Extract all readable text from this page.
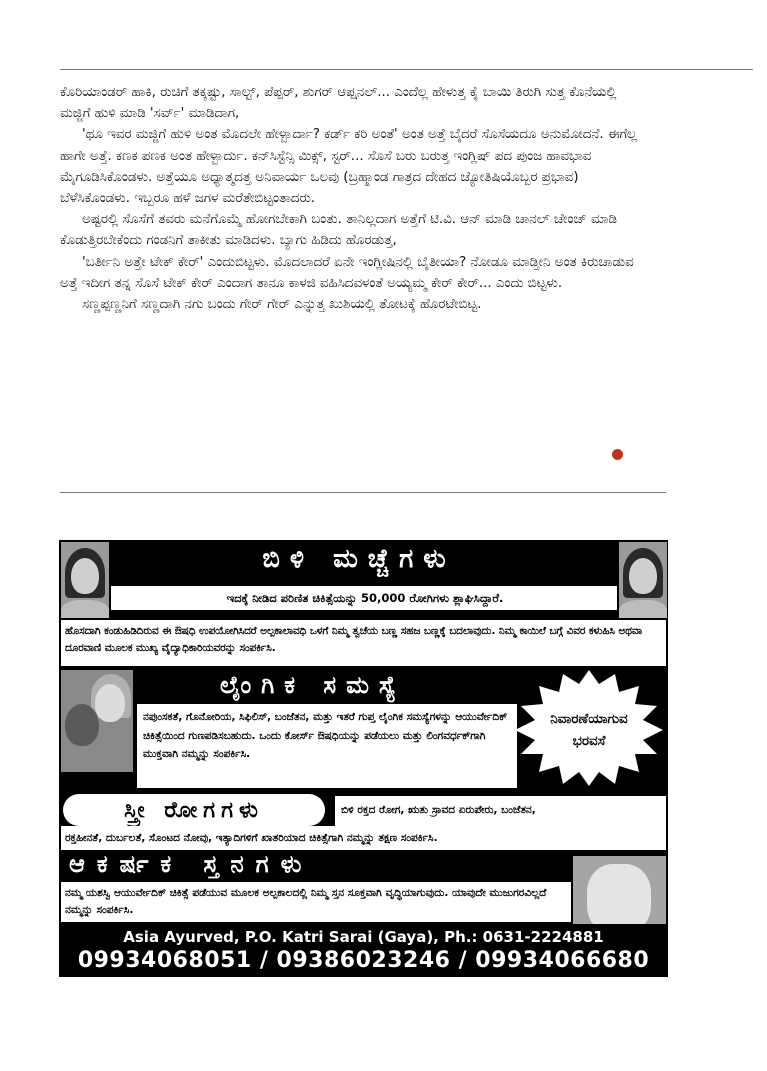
ಕೊರಿಯಾಂಡರ್ ಹಾಕಿ, ರುಚಿಗೆ ತಕ್ಕಷ್ಟು, ಸಾಲ್ಟ್, ಪೆಪ್ಪರ್, ಶುಗರ್ ಆಪ್ಷನಲ್... ಎಂದೆಲ್ಲ ಹೇಳುತ್ತ ಕೈ ಬಾಯಿ ತಿರುಗಿ ಸುತ್ತ ಕೊನೆಯಲ್ಲಿ ಮಜ್ಜಿಗೆ ಹುಳಿ ಮಾಡಿ 'ಸರ್ವ್' ಮಾಡಿದಾಗ,

'ಥೂ ಇವರ ಮಜ್ಜಿಗೆ ಹುಳಿ ಅಂತ ಮೊದಲೇ ಹೇಳ್ಬಾರ್ದಾ? ಕರ್ಡ್ ಕರಿ ಅಂತೆ' ಅಂತ ಅತ್ತೆ ಬೈದರೆ ಸೊಸೆಯದೂ ಅನುಮೋದನೆ. ಈಗೆಲ್ಲ ಹಾಗೇ ಅತ್ತೆ. ಕಣಕ ಪಣಕ ಅಂತ ಹೇಳ್ಬಾರ್ದು. ಕನ್‌ಸಿಸ್ಟೆನ್ಸಿ ಮಿಕ್ಸ್, ಸ್ಟರ್... ಸೊಸೆ ಬರು ಬರುತ್ತ ಇಂಗ್ಲಿಷ್ ಪದ ಪುಂಜ ಹಾವಭಾವ ಮೈಗೂಡಿಸಿಕೊಂಡಳು. ಅತ್ತೆಯೂ ಅಧ್ಯಾತ್ಮದತ್ತ ಅನಿವಾರ್ಯ ಒಲವು (ಬ್ರಹ್ಮಾಂಡ ಗಾತ್ರದ ದೇಹದ ಜ್ಯೋತಿಷಿಯೊಬ್ಬರ ಪ್ರಭಾವ) ಬೆಳೆಸಿಕೊಂಡಳು. ಇಬ್ಬರೂ ಹಳೆ ಜಗಳ ಮರೆತೇಬಿಟ್ಟಂತಾದರು.

ಅಷ್ಟರಲ್ಲಿ ಸೊಸೆಗೆ ತವರು ಮನೆಗೊಮ್ಮೆ ಹೋಗಬೇಕಾಗಿ ಬಂತು. ತಾನಿಲ್ಲದಾಗ ಅತ್ತೆಗೆ ಟಿ.ವಿ. ಆನ್ ಮಾಡಿ ಚಾನಲ್ ಚೇಂಜ್ ಮಾಡಿ ಕೊಡುತ್ತಿರಬೇಕೆಂದು ಗಂಡನಿಗೆ ತಾಕೀತು ಮಾಡಿದಳು. ಬ್ಯಾಗು ಹಿಡಿದು ಹೊರಡುತ್ತ,

'ಬರ್ತೀನಿ ಅತ್ತೇ ಟೇಕ್ ಕೇರ್' ಎಂದುಬಿಟ್ಟಳು. ಮೊದಲಾದರೆ ಏನೇ ಇಂಗ್ಲೀಷಿನಲ್ಲಿ ಬೈತೀಯಾ? ನೋಡೂ ಮಾಡ್ತೀನಿ ಅಂತ ಕಿರುಚಾಡುವ ಅತ್ತೆ ಇದೀಗ ತನ್ನ ಸೊಸೆ ಟೇಕ್ ಕೇರ್ ಎಂದಾಗ ತಾನೂ ಕಾಳಜಿ ವಹಿಸಿದವಳಂತೆ ಅಯ್ಯಮ್ಮ ಕೇರ್ ಕೇರ್... ಎಂದು ಬಿಟ್ಟಳು.

ಸಣ್ಣಪ್ಪಣ್ಣನಿಗೆ ಸಣ್ಣದಾಗಿ ನಗು ಬಂದು ಗೇರ್ ಗೇರ್ ಎನ್ನುತ್ತ ಖುಶಿಯಲ್ಲಿ ತೋಟಕ್ಕೆ ಹೊರಟೇಬಿಟ್ಟ.

ಬಿಳಿ ಮಚ್ಚೆಗಳು
ಇದಕ್ಕೆ ನೀಡಿದ ಪರಿಣಿತ ಚಿಕಿತ್ಸೆಯನ್ನು 50,000 ರೋಗಿಗಳು ಶ್ಲಾಘಿಸಿದ್ದಾರೆ.
ಹೊಸದಾಗಿ ಕಂಡುಹಿಡಿದಿರುವ ಈ ಔಷಧಿ ಉಪಯೋಗಿಸಿದರೆ ಅಲ್ಪಕಾಲಾವಧಿ ಒಳಗೆ ನಿಮ್ಮ ತ್ವಚೆಯ ಬಣ್ಣ ಸಹಜ ಬಣ್ಣಕ್ಕೆ ಬದಲಾವುದು. ನಿಮ್ಮ ಕಾಯಿಲೆ ಬಗ್ಗೆ ವಿವರ ಕಳುಹಿಸಿ ಅಥವಾ ದೂರವಾಣಿ ಮೂಲಕ ಮುಖ್ಯ ವೈದ್ಯಾಧಿಕಾರಿಯವರನ್ನು ಸಂಪರ್ಕಿಸಿ.
ಲೈಂಗಿಕ ಸಮಸ್ಯೆ
ನಪುಂಸಕತೆ, ಗೊನೋರಿಯ, ಸಿಫಿಲಿಸ್, ಬಂಜೆತನ, ಮತ್ತು ಇತರೆ ಗುಪ್ತ ಲೈಂಗಿಕ ಸಮಸ್ಯೆಗಳನ್ನು ಆಯುರ್ವೇದಿಕ್ ಚಿಕಿತ್ಸೆಯಿಂದ ಗುಣಪಡಿಸಬಹುದು. ಒಂದು ಕೋರ್ಸ್ ಔಷಧಿಯನ್ನು ಪಡೆಯಲು ಮತ್ತು ಲಿಂಗವರ್ಧಕ್‌ಗಾಗಿ ಮುಕ್ತವಾಗಿ ನಮ್ಮನ್ನು ಸಂಪರ್ಕಿಸಿ.
ನಿವಾರಣೆಯಾಗುವ ಭರವಸೆ
ಸ್ತ್ರೀ ರೋಗಗಳು	ಬಿಳಿ ರಕ್ತದ ರೋಗ, ಋತು ಸ್ರಾವದ ಏರುಪೇರು, ಬಂಜೆತನ,
ರಕ್ತಹೀನತೆ, ದುರ್ಬಲತೆ, ಸೊಂಟದ ನೋವು, ಇತ್ಯಾದಿಗಳಿಗೆ ಖಾತರಿಯಾದ ಚಿಕಿತ್ಸೆಗಾಗಿ ನಮ್ಮನ್ನು ತಕ್ಷಣ ಸಂಪರ್ಕಿಸಿ.
ಆಕರ್ಷಕ ಸ್ತನಗಳು
ನಮ್ಮ ಯಶಸ್ವಿ ಆಯುರ್ವೇದಿಕ್ ಚಿಕಿತ್ಸೆ ಪಡೆಯುವ ಮೂಲಕ ಅಲ್ಪಕಾಲದಲ್ಲಿ ನಿಮ್ಮ ಸ್ತನ ಸೂಕ್ತವಾಗಿ ವೃದ್ಧಿಯಾಗುವುದು. ಯಾವುದೇ ಮುಜುಗರವಿಲ್ಲದೆ ನಮ್ಮನ್ನು ಸಂಪರ್ಕಿಸಿ.
Asia Ayurved, P.O. Katri Sarai (Gaya), Ph.: 0631-2224881
09934068051 / 09386023246 / 09934066680
